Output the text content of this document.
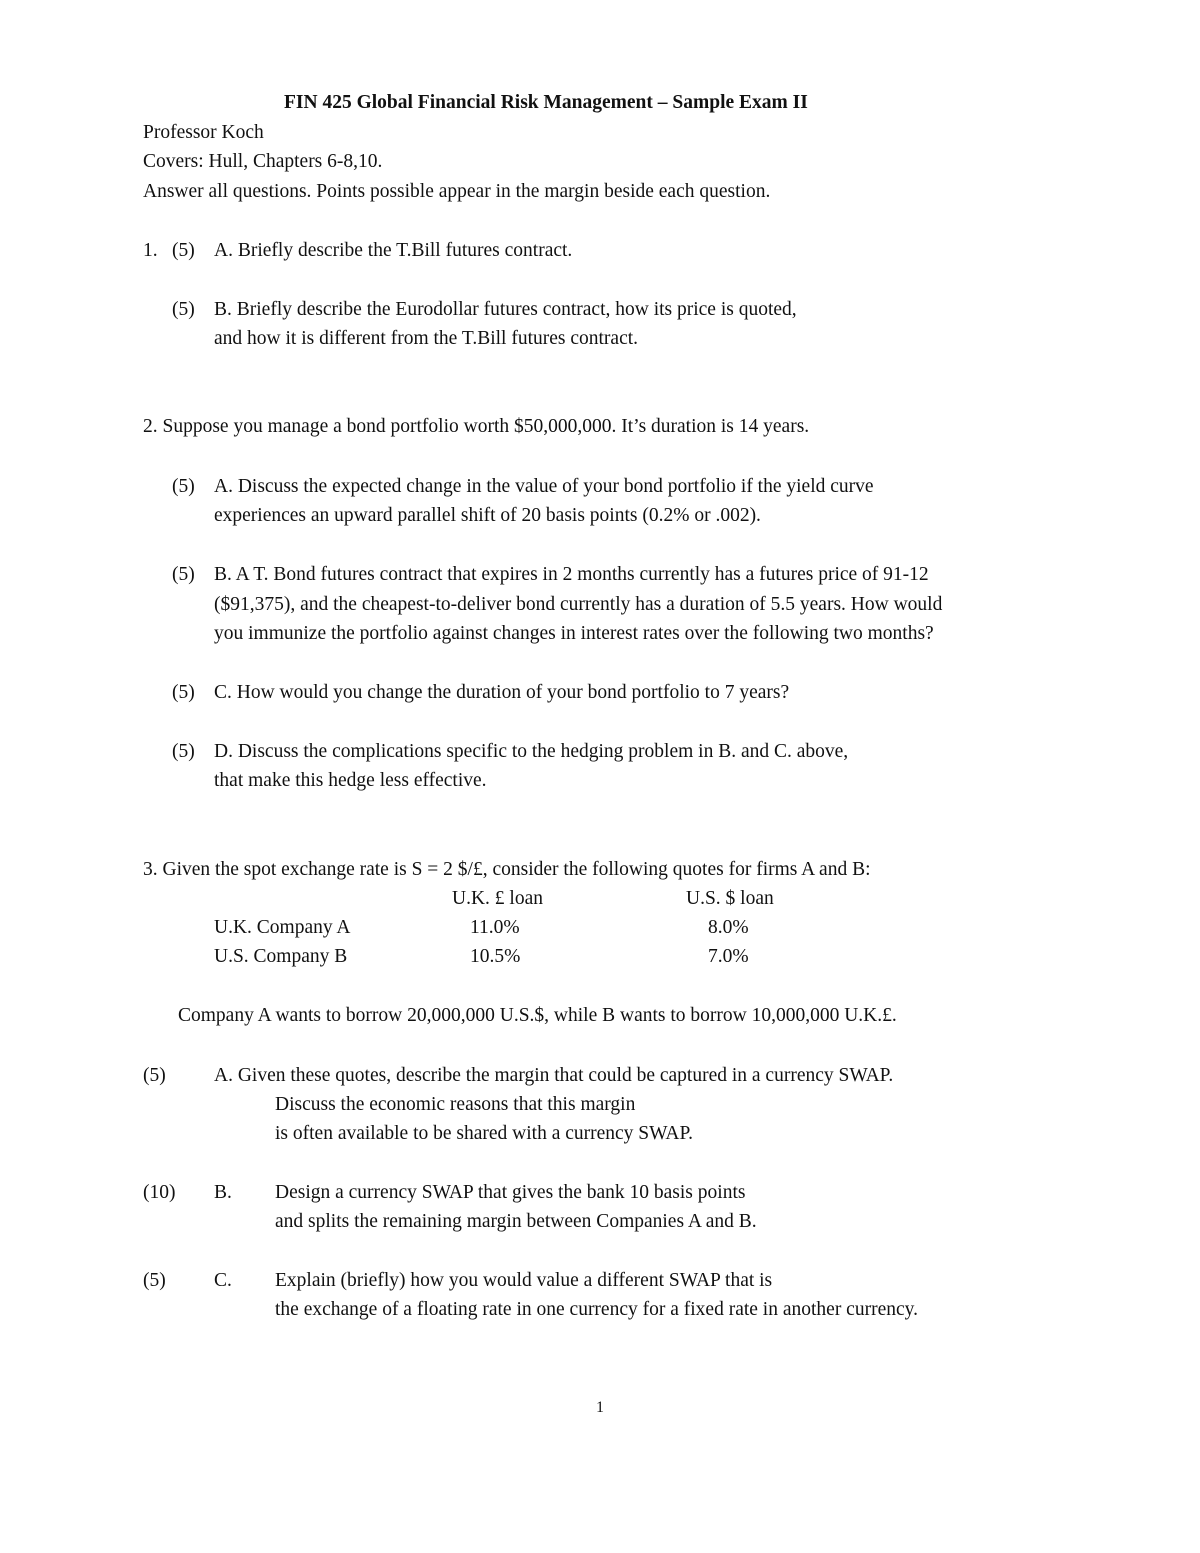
FIN 425 Global Financial Risk Management – Sample Exam II
Professor Koch
Covers: Hull, Chapters 6-8,10.
Answer all questions. Points possible appear in the margin beside each question.
1. (5) A. Briefly describe the T.Bill futures contract.
(5) B. Briefly describe the Eurodollar futures contract, how its price is quoted,
and how it is different from the T.Bill futures contract.
2. Suppose you manage a bond portfolio worth $50,000,000. It’s duration is 14 years.
(5) A. Discuss the expected change in the value of your bond portfolio if the yield curve
experiences an upward parallel shift of 20 basis points (0.2% or .002).
(5) B. A T. Bond futures contract that expires in 2 months currently has a futures price of 91-12
($91,375), and the cheapest-to-deliver bond currently has a duration of 5.5 years. How would
you immunize the portfolio against changes in interest rates over the following two months?
(5) C. How would you change the duration of your bond portfolio to 7 years?
(5) D. Discuss the complications specific to the hedging problem in B. and C. above,
that make this hedge less effective.
3. Given the spot exchange rate is S = 2 $/£, consider the following quotes for firms A and B:
U.K. £ loan	U.S. $ loan
U.K. Company A	11.0%	8.0%
U.S. Company B	10.5%	7.0%
Company A wants to borrow 20,000,000 U.S.$, while B wants to borrow 10,000,000 U.K.£.
(5) A. Given these quotes, describe the margin that could be captured in a currency SWAP.
Discuss the economic reasons that this margin
is often available to be shared with a currency SWAP.
(10) B. Design a currency SWAP that gives the bank 10 basis points
and splits the remaining margin between Companies A and B.
(5) C. Explain (briefly) how you would value a different SWAP that is
the exchange of a floating rate in one currency for a fixed rate in another currency.
1
